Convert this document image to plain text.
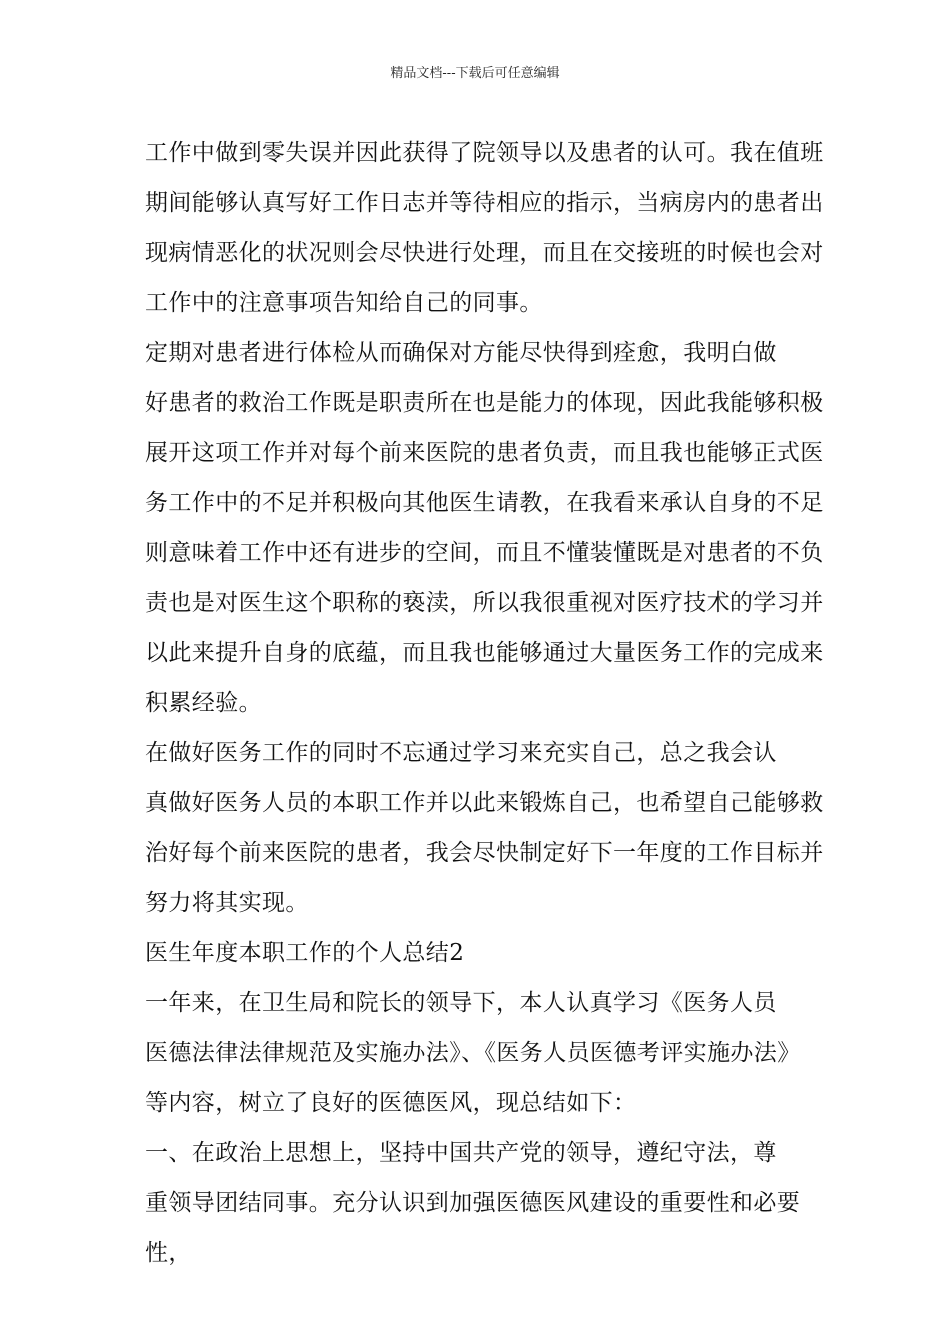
精品文档---下载后可任意编辑

工作中做到零失误并因此获得了院领导以及患者的认可。我在值班
期间能够认真写好工作日志并等待相应的指示，当病房内的患者出
现病情恶化的状况则会尽快进行处理，而且在交接班的时候也会对
工作中的注意事项告知给自己的同事。

定期对患者进行体检从而确保对方能尽快得到痊愈，我明白做
好患者的救治工作既是职责所在也是能力的体现，因此我能够积极
展开这项工作并对每个前来医院的患者负责，而且我也能够正式医
务工作中的不足并积极向其他医生请教，在我看来承认自身的不足
则意味着工作中还有进步的空间，而且不懂装懂既是对患者的不负
责也是对医生这个职称的亵渎，所以我很重视对医疗技术的学习并
以此来提升自身的底蕴，而且我也能够通过大量医务工作的完成来
积累经验。

在做好医务工作的同时不忘通过学习来充实自己，总之我会认
真做好医务人员的本职工作并以此来锻炼自己，也希望自己能够救
治好每个前来医院的患者，我会尽快制定好下一年度的工作目标并
努力将其实现。

医生年度本职工作的个人总结2

一年来，在卫生局和院长的领导下，本人认真学习《医务人员
医德法律法律规范及实施办法》、《医务人员医德考评实施办法》
等内容，树立了良好的医德医风，现总结如下：

一、在政治上思想上，坚持中国共产党的领导，遵纪守法，尊
重领导团结同事。充分认识到加强医德医风建设的重要性和必要性，
